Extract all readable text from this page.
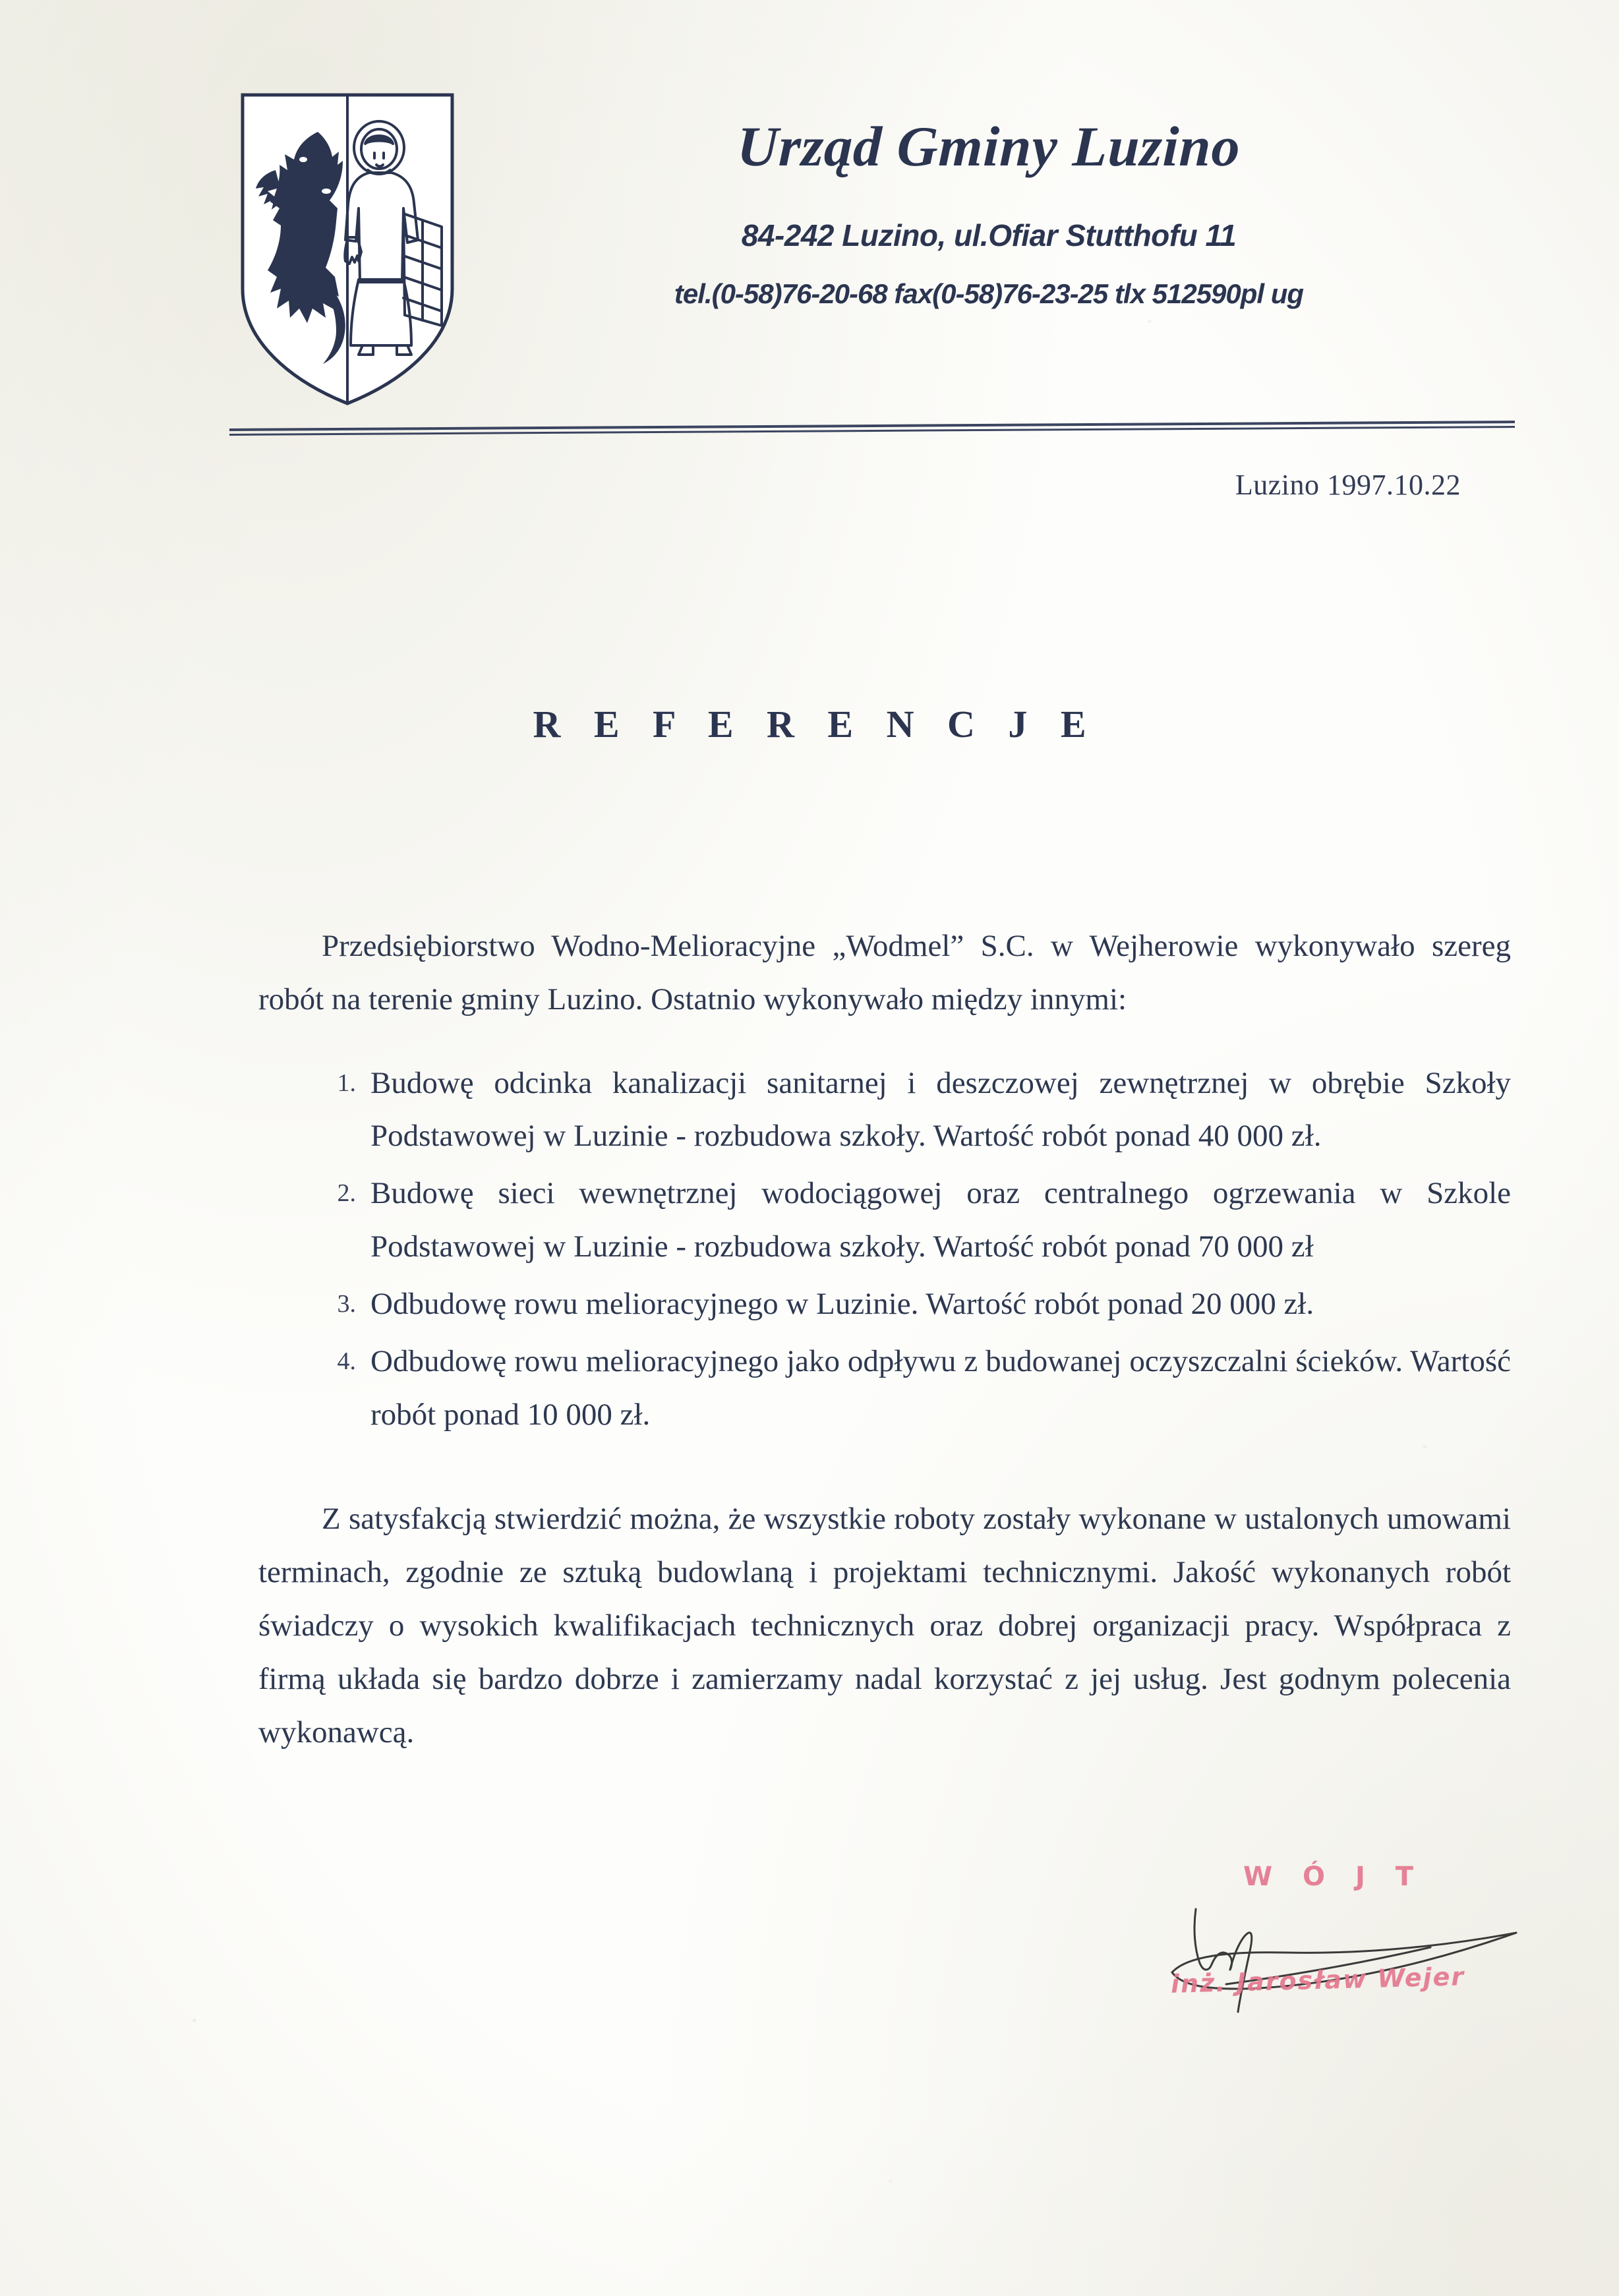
Urząd Gminy Luzino
84-242 Luzino, ul.Ofiar Stutthofu 11
tel.(0-58)76-20-68 fax(0-58)76-23-25 tlx 512590pl ug
Luzino 1997.10.22
R E F E R E N C J E

Przedsiębiorstwo Wodno-Melioracyjne „Wodmel” S.C. w Wejherowie wykonywało szereg robót na terenie gminy Luzino. Ostatnio wykonywało między innymi:

1. Budowę odcinka kanalizacji sanitarnej i deszczowej zewnętrznej w obrębie Szkoły Podstawowej w Luzinie - rozbudowa szkoły. Wartość robót ponad 40 000 zł.
2. Budowę sieci wewnętrznej wodociągowej oraz centralnego ogrzewania w Szkole Podstawowej w Luzinie - rozbudowa szkoły. Wartość robót ponad 70 000 zł
3. Odbudowę rowu melioracyjnego w Luzinie. Wartość robót ponad 20 000 zł.
4. Odbudowę rowu melioracyjnego jako odpływu z budowanej oczyszczalni ścieków. Wartość robót ponad 10 000 zł.

Z satysfakcją stwierdzić można, że wszystkie roboty zostały wykonane w ustalonych umowami terminach, zgodnie ze sztuką budowlaną i projektami technicznymi. Jakość wykonanych robót świadczy o wysokich kwalifikacjach technicznych oraz dobrej organizacji pracy. Współpraca z firmą układa się bardzo dobrze i zamierzamy nadal korzystać z jej usług. Jest godnym polecenia wykonawcą.

W Ó J T
inż. Jarosław Wejer
